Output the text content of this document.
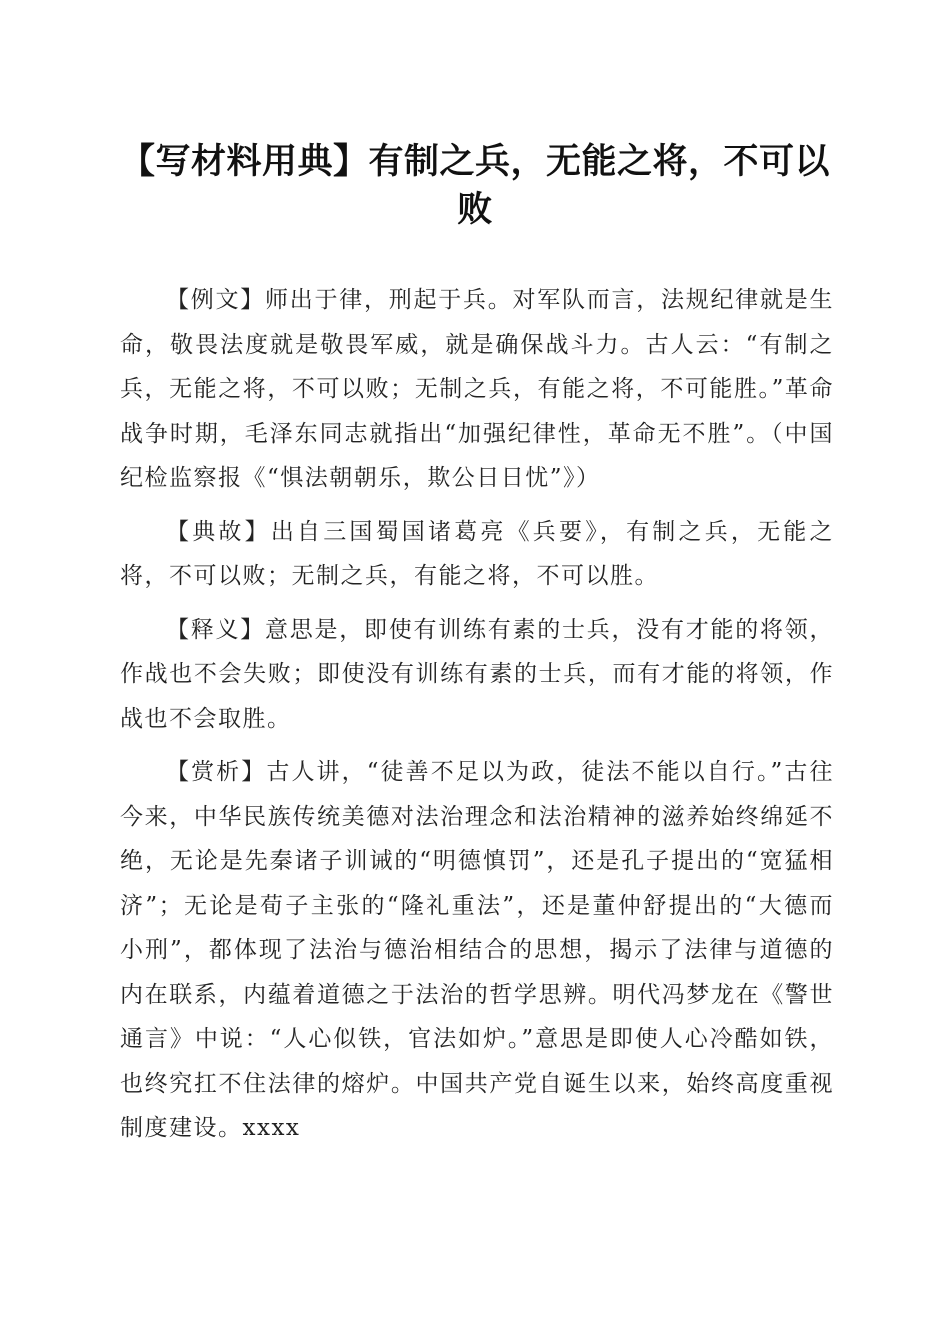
【写材料用典】有制之兵，无能之将，不可以败

【例文】师出于律，刑起于兵。对军队而言，法规纪律就是生命，敬畏法度就是敬畏军威，就是确保战斗力。古人云：“有制之兵，无能之将，不可以败；无制之兵，有能之将，不可能胜。”革命战争时期，毛泽东同志就指出“加强纪律性，革命无不胜”。（中国纪检监察报《“惧法朝朝乐，欺公日日忧”》）

【典故】出自三国蜀国诸葛亮《兵要》，有制之兵，无能之将，不可以败；无制之兵，有能之将，不可以胜。

【释义】意思是，即使有训练有素的士兵，没有才能的将领，作战也不会失败；即使没有训练有素的士兵，而有才能的将领，作战也不会取胜。

【赏析】古人讲，“徒善不足以为政，徒法不能以自行。”古往今来，中华民族传统美德对法治理念和法治精神的滋养始终绵延不绝，无论是先秦诸子训诫的“明德慎罚”，还是孔子提出的“宽猛相济”；无论是荀子主张的“隆礼重法”，还是董仲舒提出的“大德而小刑”，都体现了法治与德治相结合的思想，揭示了法律与道德的内在联系，内蕴着道德之于法治的哲学思辨。明代冯梦龙在《警世通言》中说：“人心似铁，官法如炉。”意思是即使人心冷酷如铁，也终究扛不住法律的熔炉。中国共产党自诞生以来，始终高度重视制度建设。xxxx
